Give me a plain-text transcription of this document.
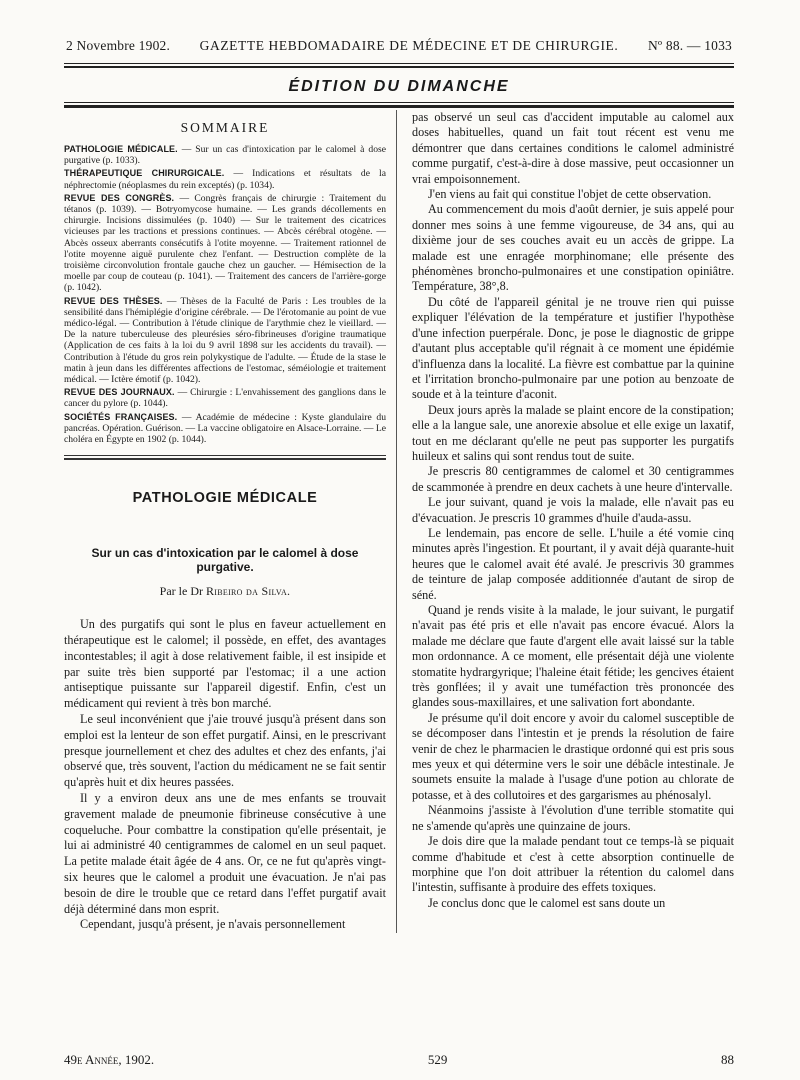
2 Novembre 1902. GAZETTE HEBDOMADAIRE DE MÉDECINE ET DE CHIRURGIE. Nº 88. — 1033
ÉDITION DU DIMANCHE
SOMMAIRE

PATHOLOGIE MÉDICALE. — Sur un cas d'intoxication par le calomel à dose purgative (p. 1033).

THÉRAPEUTIQUE CHIRURGICALE. — Indications et résultats de la néphrectomie (néoplasmes du rein exceptés) (p. 1034).

REVUE DES CONGRÈS. — Congrès français de chirurgie : Traitement du tétanos (p. 1039). — Botryomycose humaine. — Les grands décollements en chirurgie. Incisions dissimulées (p. 1040) — Sur le traitement des cicatrices vicieuses par les tractions et pressions continues. — Abcès cérébral otogène. — Abcès osseux aberrants consécutifs à l'otite moyenne. — Traitement rationnel de l'otite moyenne aiguë purulente chez l'enfant. — Destruction complète de la troisième circonvolution frontale gauche chez un gaucher. — Hémisection de la moelle par coup de couteau (p. 1041). — Traitement des cancers de l'arrière-gorge (p. 1042).

REVUE DES THÈSES. — Thèses de la Faculté de Paris : Les troubles de la sensibilité dans l'hémiplégie d'origine cérébrale. — De l'érotomanie au point de vue médico-légal. — Contribution à l'étude clinique de l'arythmie chez le vieillard. — De la nature tuberculeuse des pleurésies séro-fibrineuses d'origine traumatique (Application de ces faits à la loi du 9 avril 1898 sur les accidents du travail). — Contribution à l'étude du gros rein polykystique de l'adulte. — Étude de la stase le matin à jeun dans les différentes affections de l'estomac, séméiologie et traitement médical. — Ictère émotif (p. 1042).

REVUE DES JOURNAUX. — Chirurgie : L'envahissement des ganglions dans le cancer du pylore (p. 1044).

SOCIÉTÉS FRANÇAISES. — Académie de médecine : Kyste glandulaire du pancréas. Opération. Guérison. — La vaccine obligatoire en Alsace-Lorraine. — Le choléra en Égypte en 1902 (p. 1044).

PATHOLOGIE MÉDICALE
Sur un cas d'intoxication par le calomel à dose purgative.
Par le Dr Ribeiro da Silva.

Un des purgatifs qui sont le plus en faveur actuellement en thérapeutique est le calomel; il possède, en effet, des avantages incontestables; il agit à dose relativement faible, il est insipide et par suite très bien supporté par l'estomac; il a une action antiseptique puissante sur l'appareil digestif. Enfin, c'est un médicament qui revient à très bon marché.

Le seul inconvénient que j'aie trouvé jusqu'à présent dans son emploi est la lenteur de son effet purgatif. Ainsi, en le prescrivant presque journellement et chez des adultes et chez des enfants, j'ai observé que, très souvent, l'action du médicament ne se fait sentir qu'après huit et dix heures passées.

Il y a environ deux ans une de mes enfants se trouvait gravement malade de pneumonie fibrineuse consécutive à une coqueluche. Pour combattre la constipation qu'elle présentait, je lui ai administré 40 centigrammes de calomel en un seul paquet. La petite malade était âgée de 4 ans. Or, ce ne fut qu'après vingt-six heures que le calomel a produit une évacuation. Je n'ai pas besoin de dire le trouble que ce retard dans l'effet purgatif avait déjà déterminé dans mon esprit.

Cependant, jusqu'à présent, je n'avais personnellement

pas observé un seul cas d'accident imputable au calomel aux doses habituelles, quand un fait tout récent est venu me démontrer que dans certaines conditions le calomel administré comme purgatif, c'est-à-dire à dose massive, peut occasionner un vrai empoisonnement.

J'en viens au fait qui constitue l'objet de cette observation.

Au commencement du mois d'août dernier, je suis appelé pour donner mes soins à une femme vigoureuse, de 34 ans, qui au dixième jour de ses couches avait eu un accès de grippe. La malade est une enragée morphinomane; elle présente des phénomènes broncho-pulmonaires et une constipation opiniâtre. Température, 38°,8.

Du côté de l'appareil génital je ne trouve rien qui puisse expliquer l'élévation de la température et justifier l'hypothèse d'une infection puerpérale. Donc, je pose le diagnostic de grippe d'autant plus acceptable qu'il régnait à ce moment une épidémie d'influenza dans la localité. La fièvre est combattue par la quinine et l'irritation broncho-pulmonaire par une potion au benzoate de soude et à la teinture d'aconit.

Deux jours après la malade se plaint encore de la constipation; elle a la langue sale, une anorexie absolue et elle exige un laxatif, tout en me déclarant qu'elle ne peut pas supporter les purgatifs huileux et salins qui sont rendus tout de suite.

Je prescris 80 centigrammes de calomel et 30 centigrammes de scammonée à prendre en deux cachets à une heure d'intervalle.

Le jour suivant, quand je vois la malade, elle n'avait pas eu d'évacuation. Je prescris 10 grammes d'huile d'auda-assu.

Le lendemain, pas encore de selle. L'huile a été vomie cinq minutes après l'ingestion. Et pourtant, il y avait déjà quarante-huit heures que le calomel avait été avalé. Je prescrivis 30 grammes de teinture de jalap composée additionnée d'autant de sirop de séné.

Quand je rends visite à la malade, le jour suivant, le purgatif n'avait pas été pris et elle n'avait pas encore évacué. Alors la malade me déclare que faute d'argent elle avait laissé sur la table mon ordonnance. A ce moment, elle présentait déjà une violente stomatite hydrargyrique; l'haleine était fétide; les gencives étaient très gonflées; il y avait une tuméfaction très prononcée des glandes sous-maxillaires, et une salivation fort abondante.

Je présume qu'il doit encore y avoir du calomel susceptible de se décomposer dans l'intestin et je prends la résolution de faire venir de chez le pharmacien le drastique ordonné qui est pris sous mes yeux et qui détermine vers le soir une débâcle intestinale. Je soumets ensuite la malade à l'usage d'une potion au chlorate de potasse, et à des collutoires et des gargarismes au phénosalyl.

Néanmoins j'assiste à l'évolution d'une terrible stomatite qui ne s'amende qu'après une quinzaine de jours.

Je dois dire que la malade pendant tout ce temps-là se piquait comme d'habitude et c'est à cette absorption continuelle de morphine que l'on doit attribuer la rétention du calomel dans l'intestin, suffisante à produire des effets toxiques.

Je conclus donc que le calomel est sans doute un

49e Année, 1902.	529	88
